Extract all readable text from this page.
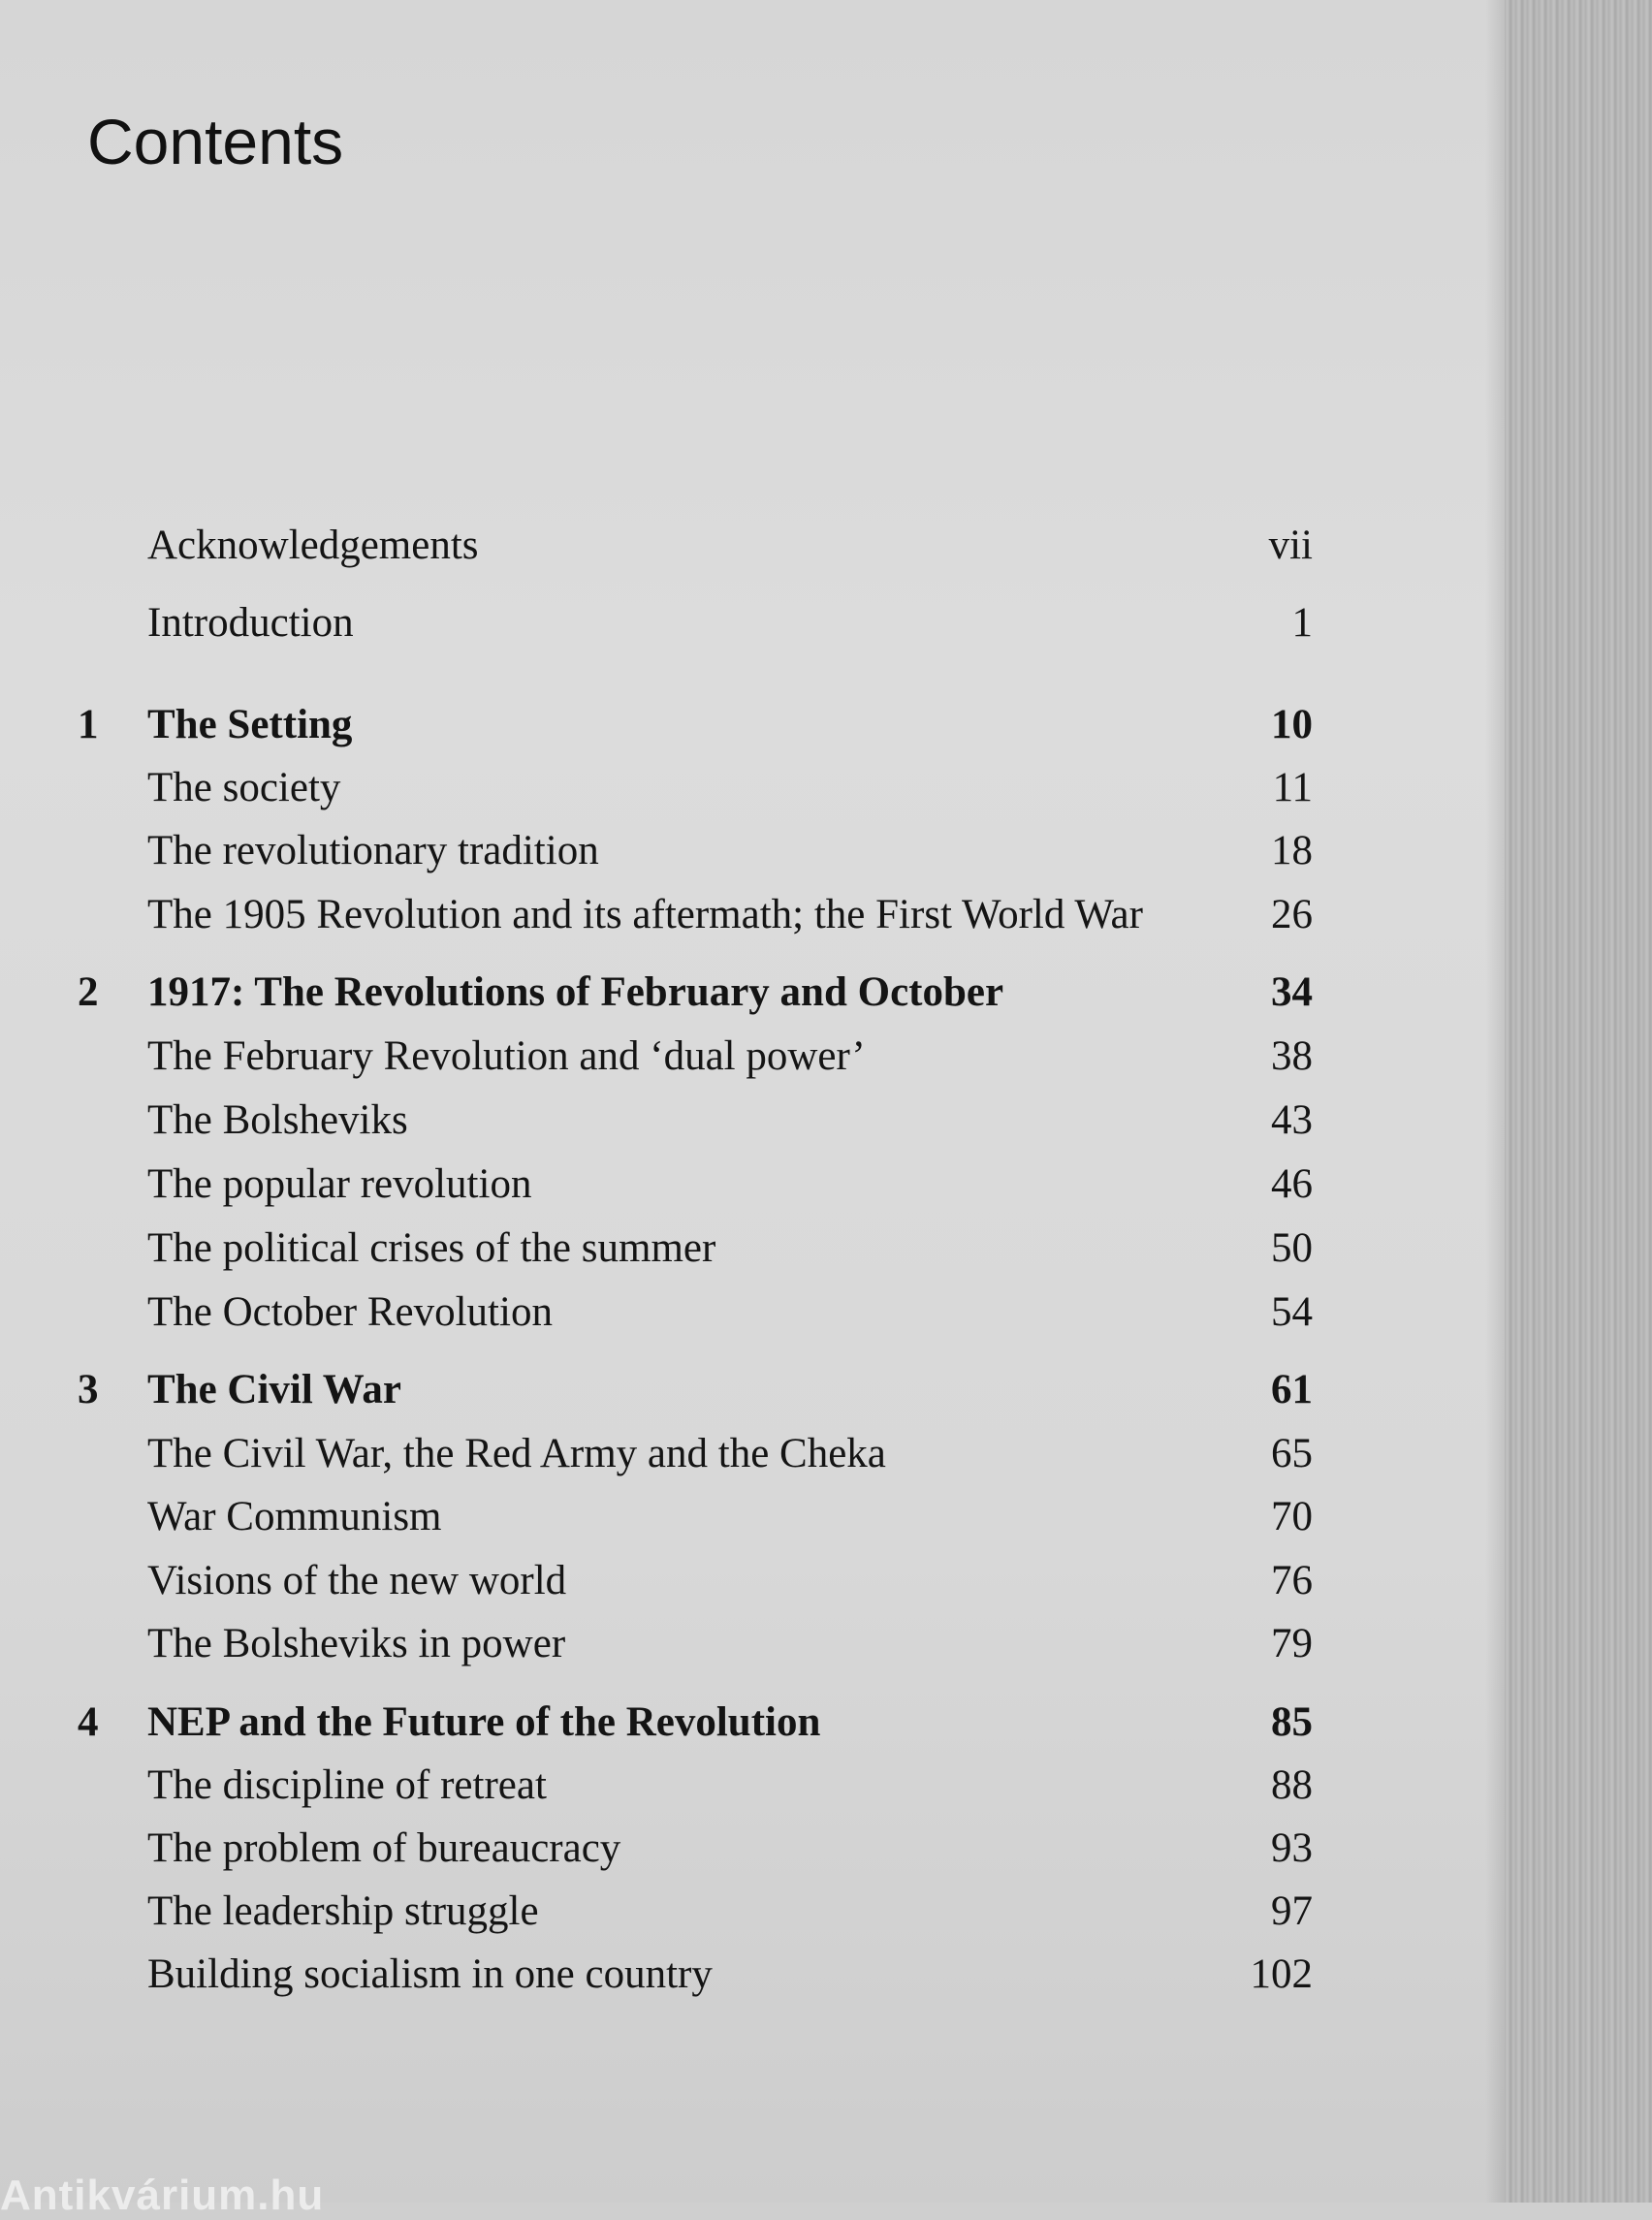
Contents
Acknowledgements	vii
Introduction	1
1 The Setting	10
The society	11
The revolutionary tradition	18
The 1905 Revolution and its aftermath; the First World War	26
2 1917: The Revolutions of February and October	34
The February Revolution and ‘dual power’	38
The Bolsheviks	43
The popular revolution	46
The political crises of the summer	50
The October Revolution	54
3 The Civil War	61
The Civil War, the Red Army and the Cheka	65
War Communism	70
Visions of the new world	76
The Bolsheviks in power	79
4 NEP and the Future of the Revolution	85
The discipline of retreat	88
The problem of bureaucracy	93
The leadership struggle	97
Building socialism in one country	102
Antikvárium.hu
